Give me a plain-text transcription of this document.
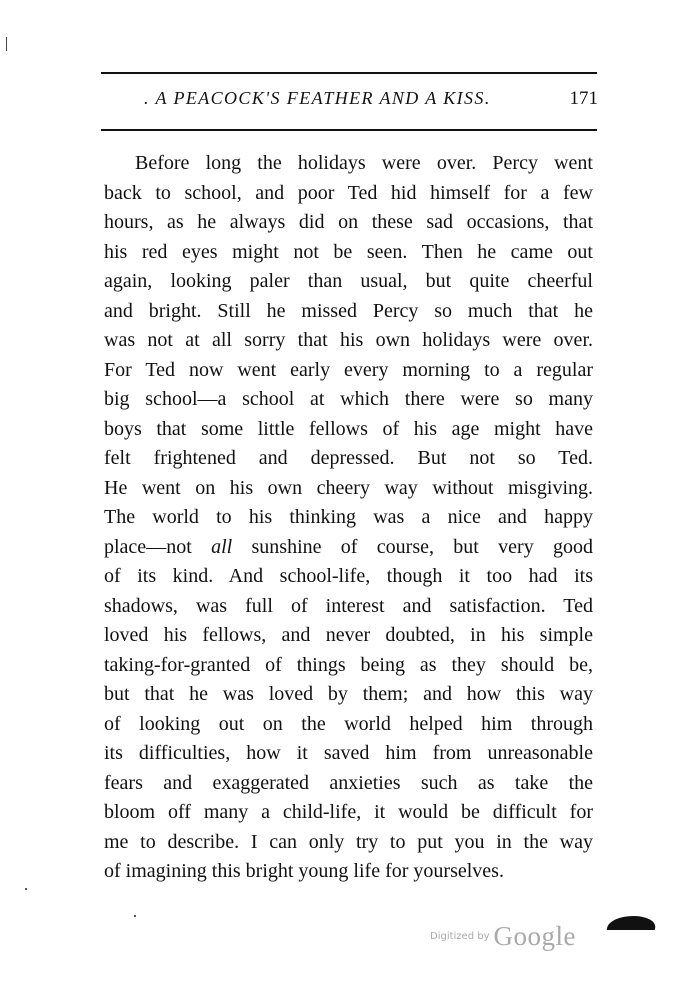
. A PEACOCK'S FEATHER AND A KISS.	171
Before long the holidays were over. Percy went
back to school, and poor Ted hid himself for a few
hours, as he always did on these sad occasions, that
his red eyes might not be seen. Then he came out
again, looking paler than usual, but quite cheerful
and bright. Still he missed Percy so much that he
was not at all sorry that his own holidays were over.
For Ted now went early every morning to a regular
big school—a school at which there were so many
boys that some little fellows of his age might have
felt frightened and depressed. But not so Ted.
He went on his own cheery way without misgiving.
The world to his thinking was a nice and happy
place—not all sunshine of course, but very good
of its kind. And school-life, though it too had its
shadows, was full of interest and satisfaction. Ted
loved his fellows, and never doubted, in his simple
taking-for-granted of things being as they should be,
but that he was loved by them; and how this way
of looking out on the world helped him through
its difficulties, how it saved him from unreasonable
fears and exaggerated anxieties such as take the
bloom off many a child-life, it would be difficult for
me to describe. I can only try to put you in the way
of imagining this bright young life for yourselves.
Digitized by Google
